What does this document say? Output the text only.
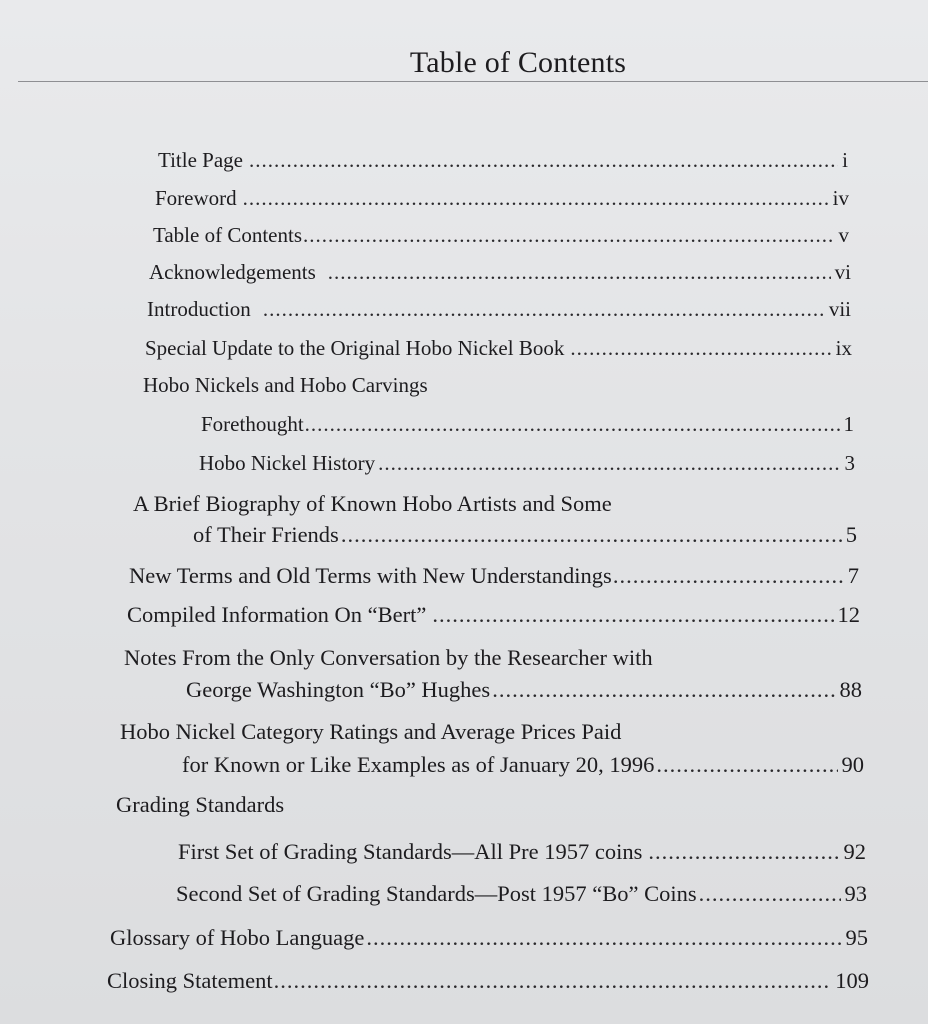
Table of Contents
Title Page .....	i
Foreword .....	iv
Table of Contents .....	v
Acknowledgements .....	vi
Introduction .....	vii
Special Update to the Original Hobo Nickel Book .....	ix
Hobo Nickels and Hobo Carvings
Forethought .....	1
Hobo Nickel History .....	3
A Brief Biography of Known Hobo Artists and Some
of Their Friends .....	5
New Terms and Old Terms with New Understandings .....	7
Compiled Information On “Bert” .....	12
Notes From the Only Conversation by the Researcher with
George Washington “Bo” Hughes .....	88
Hobo Nickel Category Ratings and Average Prices Paid
for Known or Like Examples as of January 20, 1996 .....	90
Grading Standards
First Set of Grading Standards—All Pre 1957 coins .....	92
Second Set of Grading Standards—Post 1957 “Bo” Coins .....	93
Glossary of Hobo Language .....	95
Closing Statement .....	109
